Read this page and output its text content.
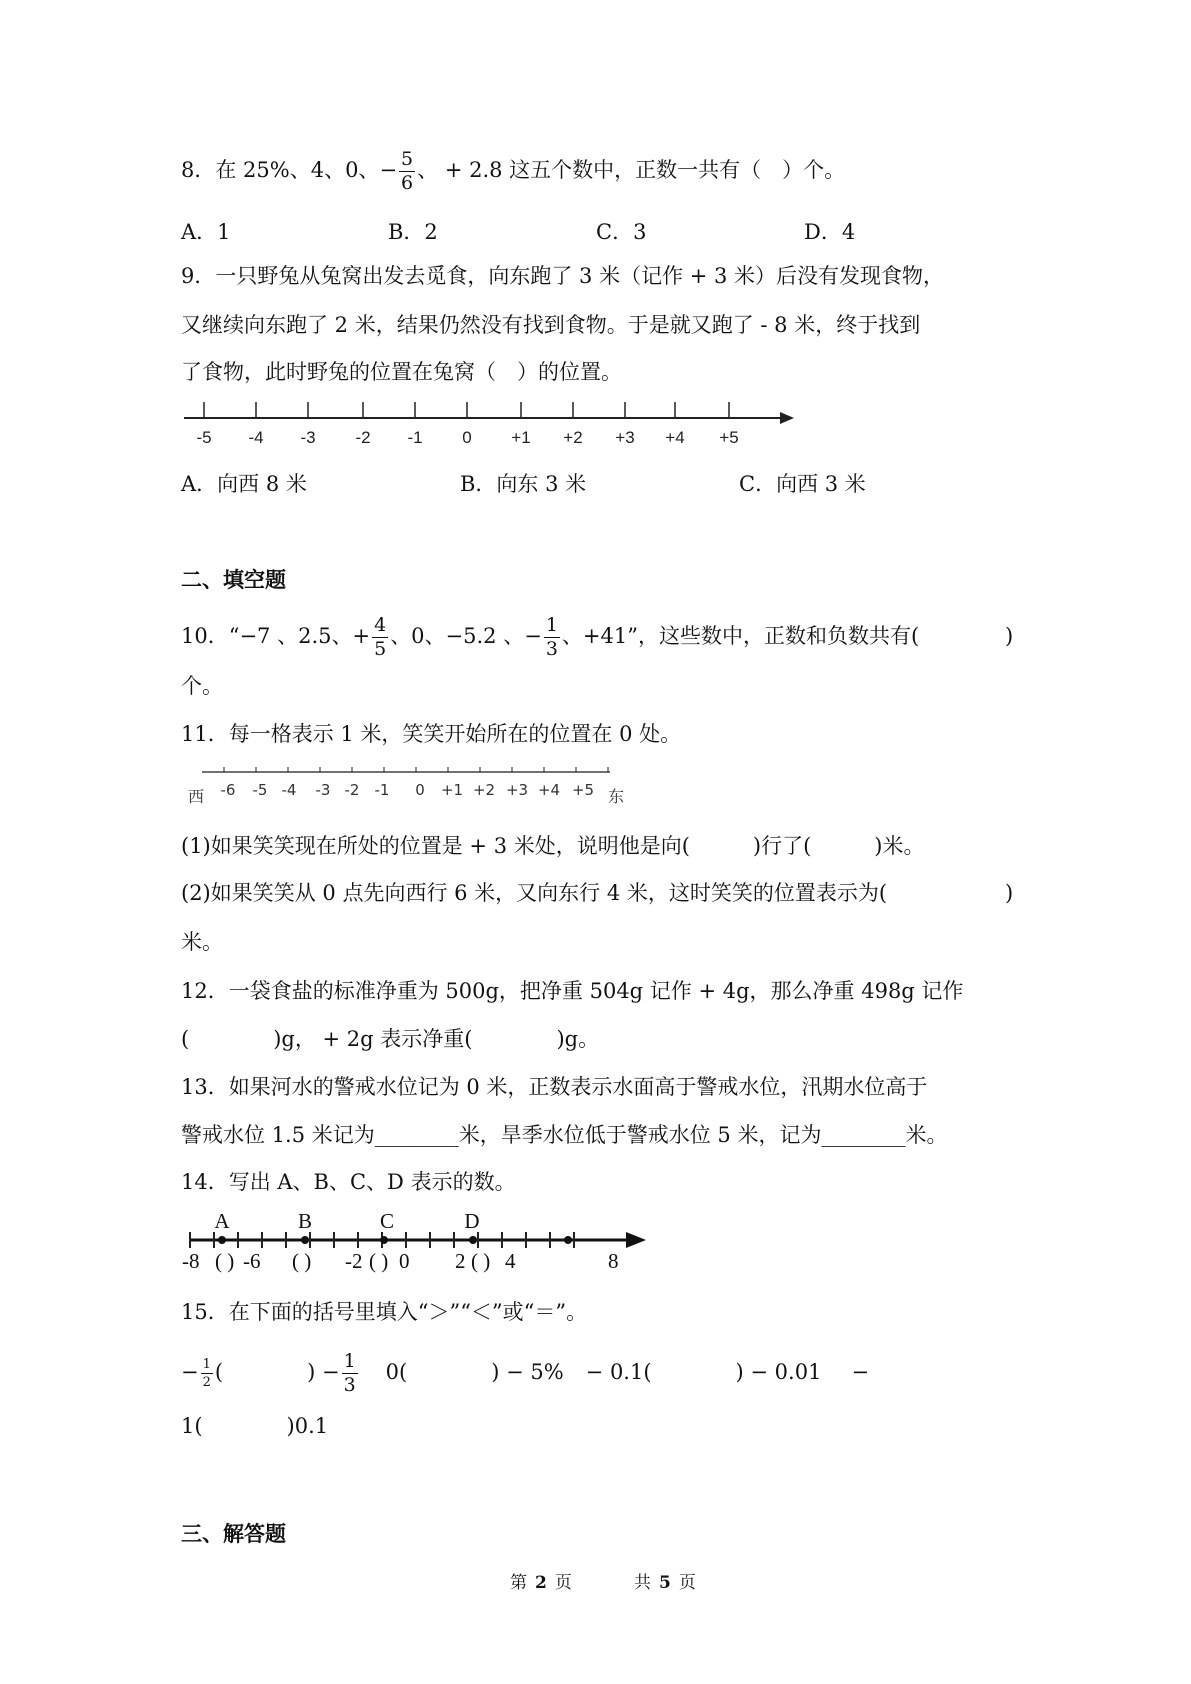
8．在 25%、4、0、− $\frac{5}{6}$ 、 + 2.8 这五个数中，正数一共有（　）个。
A．1	B．2	C．3	D．4
9．一只野兔从兔窝出发去觅食，向东跑了 3 米（记作 + 3 米）后没有发现食物，
又继续向东跑了 2 米，结果仍然没有找到食物。于是就又跑了 - 8 米，终于找到
了食物，此时野兔的位置在兔窝（　）的位置。
-5 -4 -3 -2 -1 0 +1 +2 +3 +4 +5
A．向西 8 米	B．向东 3 米	C．向西 3 米
二、填空题
10．“−7 、2.5、+ $\frac{4}{5}$ 、0、−5.2 、− $\frac{1}{3}$ 、+41”，这些数中，正数和负数共有(	)
个。
11．每一格表示 1 米，笑笑开始所在的位置在 0 处。
西	东
-6 -5 -4 -3 -2 -1 0 +1 +2 +3 +4 +5
(1)如果笑笑现在所处的位置是 + 3 米处，说明他是向(　　　)行了(　　　)米。
(2)如果笑笑从 0 点先向西行 6 米，又向东行 4 米，这时笑笑的位置表示为(	)
米。
12．一袋食盐的标准净重为 500g，把净重 504g 记作 + 4g，那么净重 498g 记作
(　　　　)g， + 2g 表示净重(　　　　)g。
13．如果河水的警戒水位记为 0 米，正数表示水面高于警戒水位，汛期水位高于
警戒水位 1.5 米记为________米，旱季水位低于警戒水位 5 米，记为________米。
14．写出 A、B、C、D 表示的数。
A	B	C	D
-8 ( ) -6 ( ) -2 ( ) 0 2 ( ) 4	8
15．在下面的括号里填入“＞”“＜”或“＝”。
− $\frac{1}{2}$ (　　　　) − $\frac{1}{3} 0$(　　　　) − 5% − 0.1(　　　　) − 0.01 −
1(　　　　)0.1
三、解答题
第 2 页	共 5 页
